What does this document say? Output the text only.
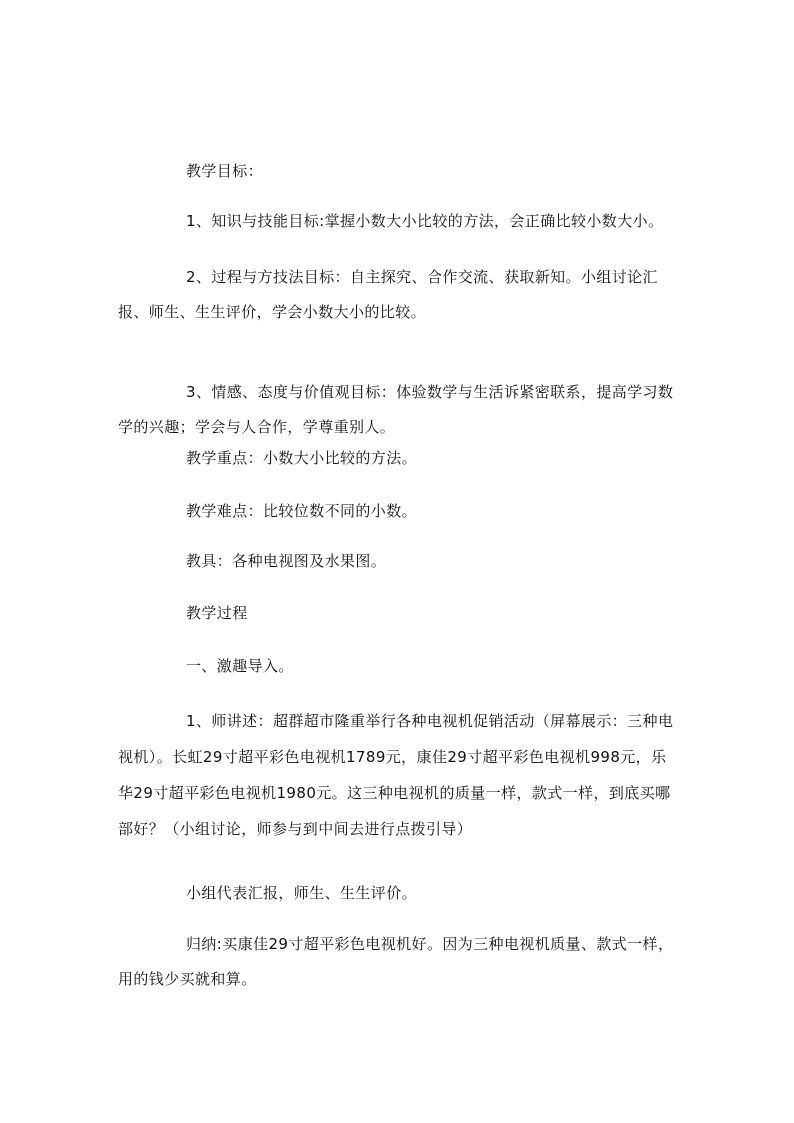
教学目标：

1、知识与技能目标:掌握小数大小比较的方法，会正确比较小数大小。

2、过程与方技法目标：自主探究、合作交流、获取新知。小组讨论汇报、师生、生生评价，学会小数大小的比较。

3、情感、态度与价值观目标：体验数学与生活诉紧密联系，提高学习数学的兴趣；学会与人合作，学尊重别人。

教学重点：小数大小比较的方法。

教学难点：比较位数不同的小数。

教具：各种电视图及水果图。

教学过程

一、激趣导入。

1、师讲述：超群超市隆重举行各种电视机促销活动（屏幕展示：三种电视机）。长虹29寸超平彩色电视机1789元，康佳29寸超平彩色电视机998元，乐华29寸超平彩色电视机1980元。这三种电视机的质量一样，款式一样，到底买哪部好？（小组讨论，师参与到中间去进行点拨引导）

小组代表汇报，师生、生生评价。

归纳:买康佳29寸超平彩色电视机好。因为三种电视机质量、款式一样，用的钱少买就和算。
